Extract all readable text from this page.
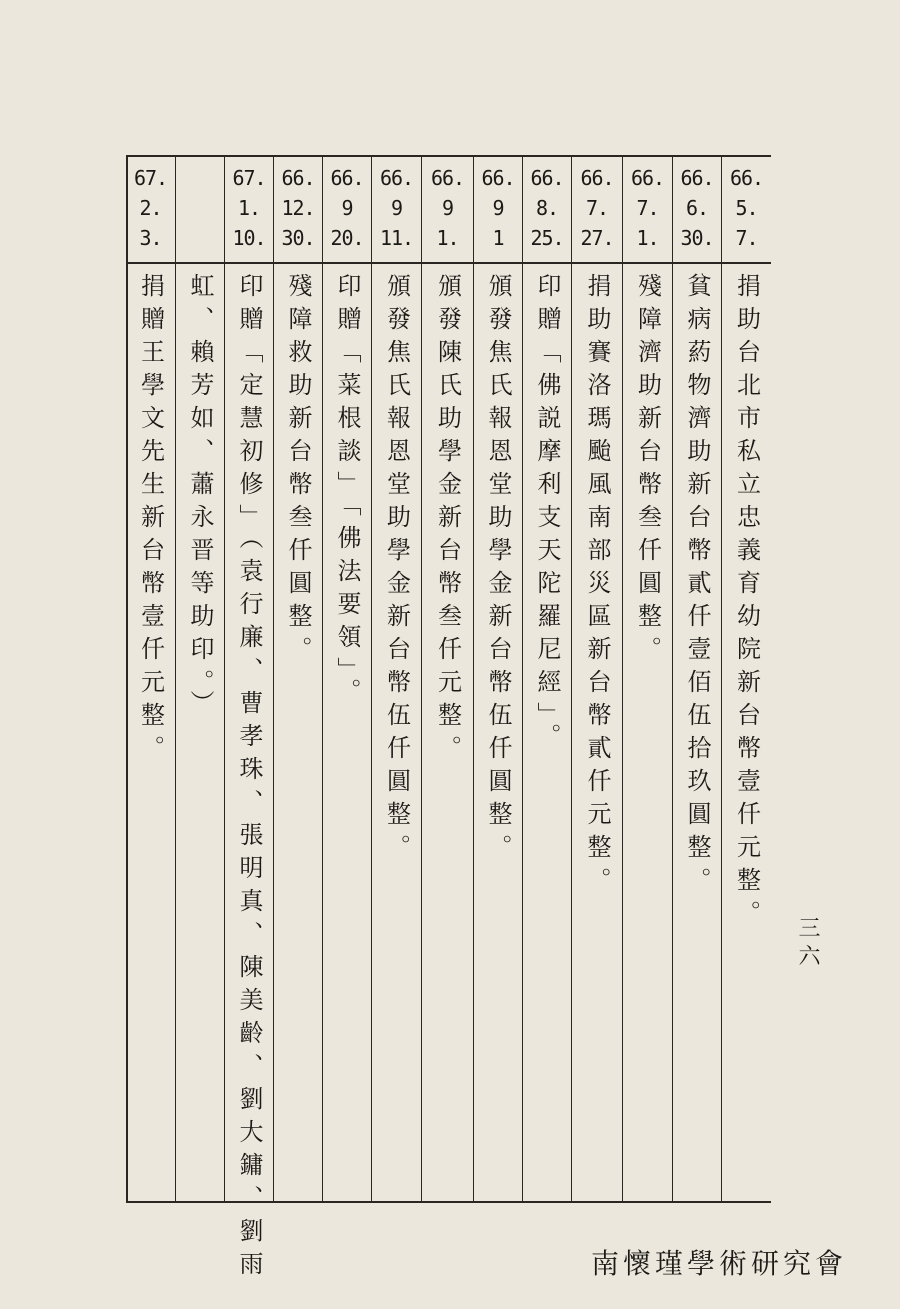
66.
5.
7.
捐助台北市私立忠義育幼院新台幣壹仟元整。
66.
6.
30.
貧病葯物濟助新台幣貳仟壹佰伍拾玖圓整。
66.
7.
1.
殘障濟助新台幣叁仟圓整。
66.
7.
27.
捐助賽洛瑪颱風南部災區新台幣貳仟元整。
66.
8.
25.
印贈「佛説摩利支天陀羅尼經」。
66.
9
1
頒發焦氏報恩堂助學金新台幣伍仟圓整。
66.
9
1.
頒發陳氏助學金新台幣叁仟元整。
66.
9
11.
頒發焦氏報恩堂助學金新台幣伍仟圓整。
66.
9
20.
印贈「菜根談」「佛法要領」。
66.
12.
30.
殘障救助新台幣叁仟圓整。
67.
1.
10.
印贈「定慧初修」（袁行廉、曹孝珠、張明真、陳美齡、劉大鏞、劉雨
虹、賴芳如、蕭永晋等助印。）
67.
2.
3.
捐贈王學文先生新台幣壹仟元整。
三六
南懷瑾學術研究會
